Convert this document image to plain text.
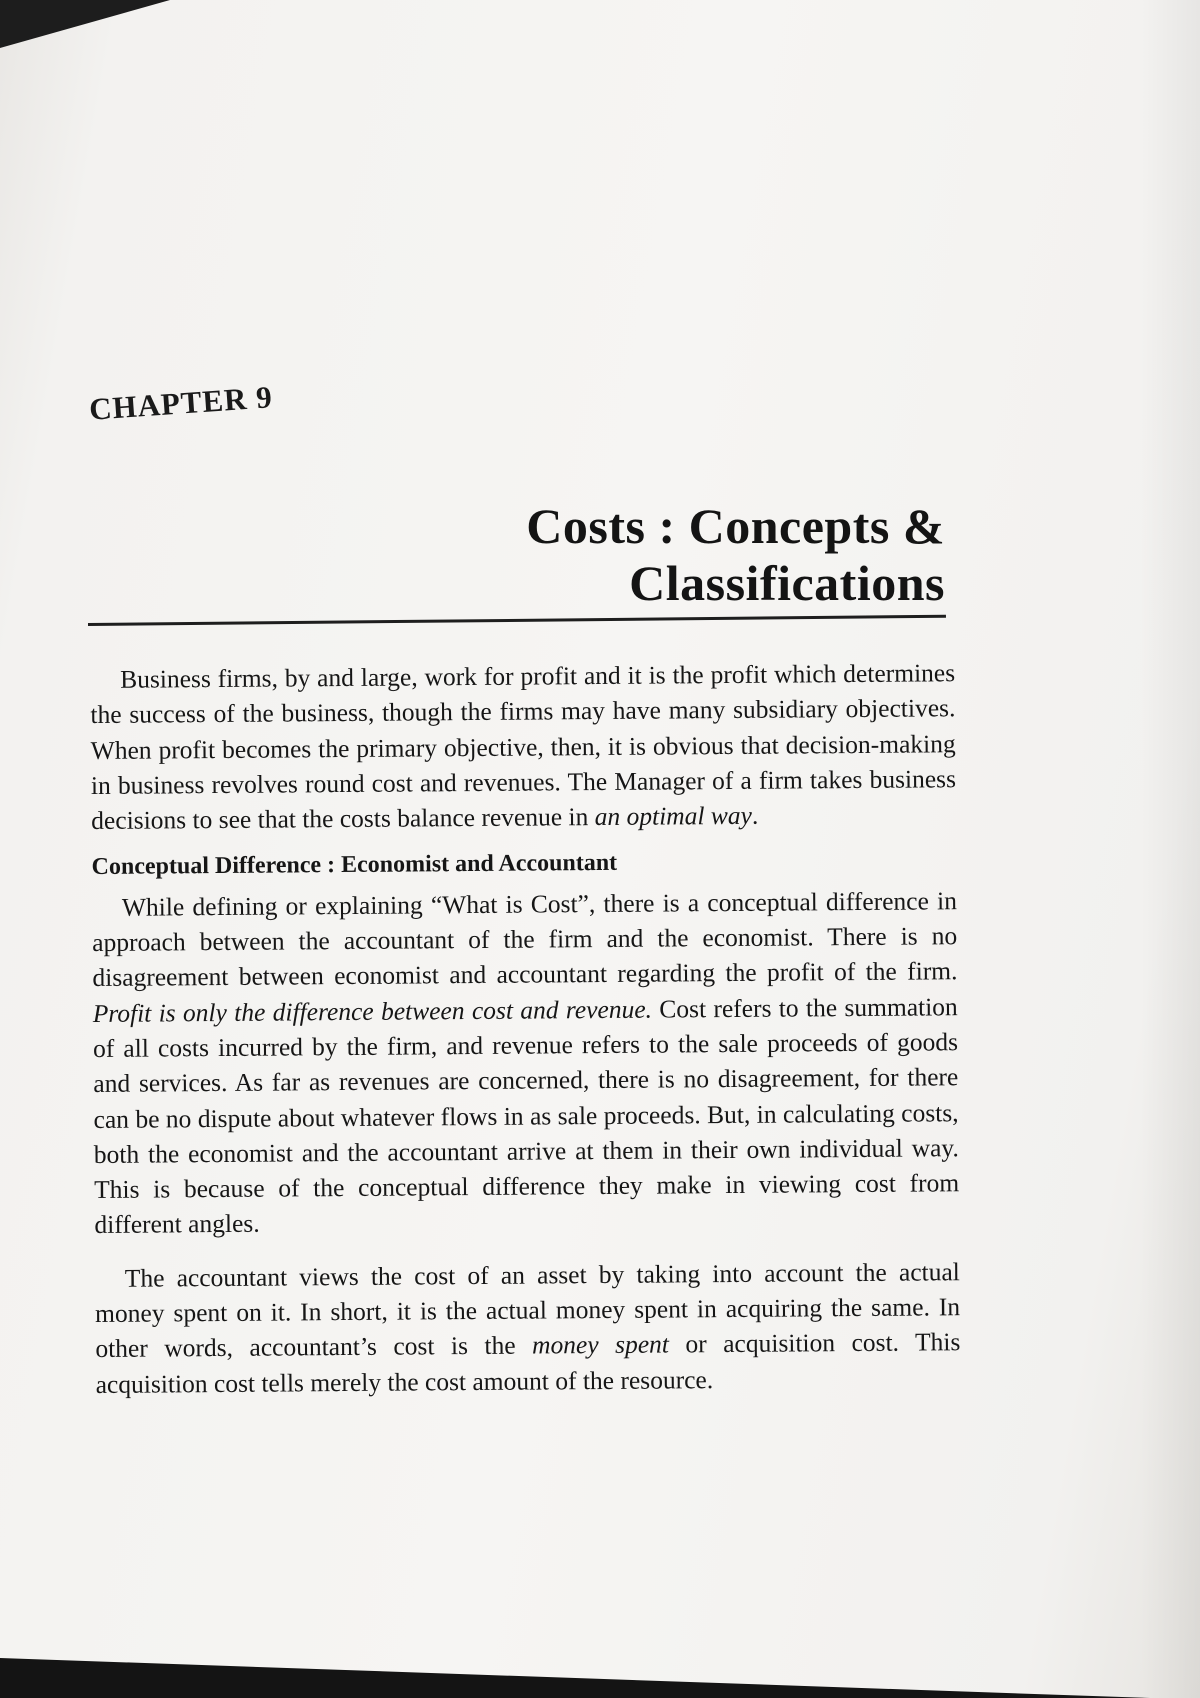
CHAPTER 9
Costs : Concepts &
Classifications

Business firms, by and large, work for profit and it is the profit which determines the success of the business, though the firms may have many subsidiary objectives. When profit becomes the primary objective, then, it is obvious that decision-making in business revolves round cost and revenues. The Manager of a firm takes business decisions to see that the costs balance revenue in an optimal way.

Conceptual Difference : Economist and Accountant

While defining or explaining “What is Cost”, there is a conceptual difference in approach between the accountant of the firm and the economist. There is no disagreement between economist and accountant regarding the profit of the firm. Profit is only the difference between cost and revenue. Cost refers to the summation of all costs incurred by the firm, and revenue refers to the sale proceeds of goods and services. As far as revenues are concerned, there is no disagreement, for there can be no dispute about whatever flows in as sale proceeds. But, in calculating costs, both the economist and the accountant arrive at them in their own individual way. This is because of the conceptual difference they make in viewing cost from different angles.

The accountant views the cost of an asset by taking into account the actual money spent on it. In short, it is the actual money spent in acquiring the same. In other words, accountant’s cost is the money spent or acquisition cost. This acquisition cost tells merely the cost amount of the resource.
